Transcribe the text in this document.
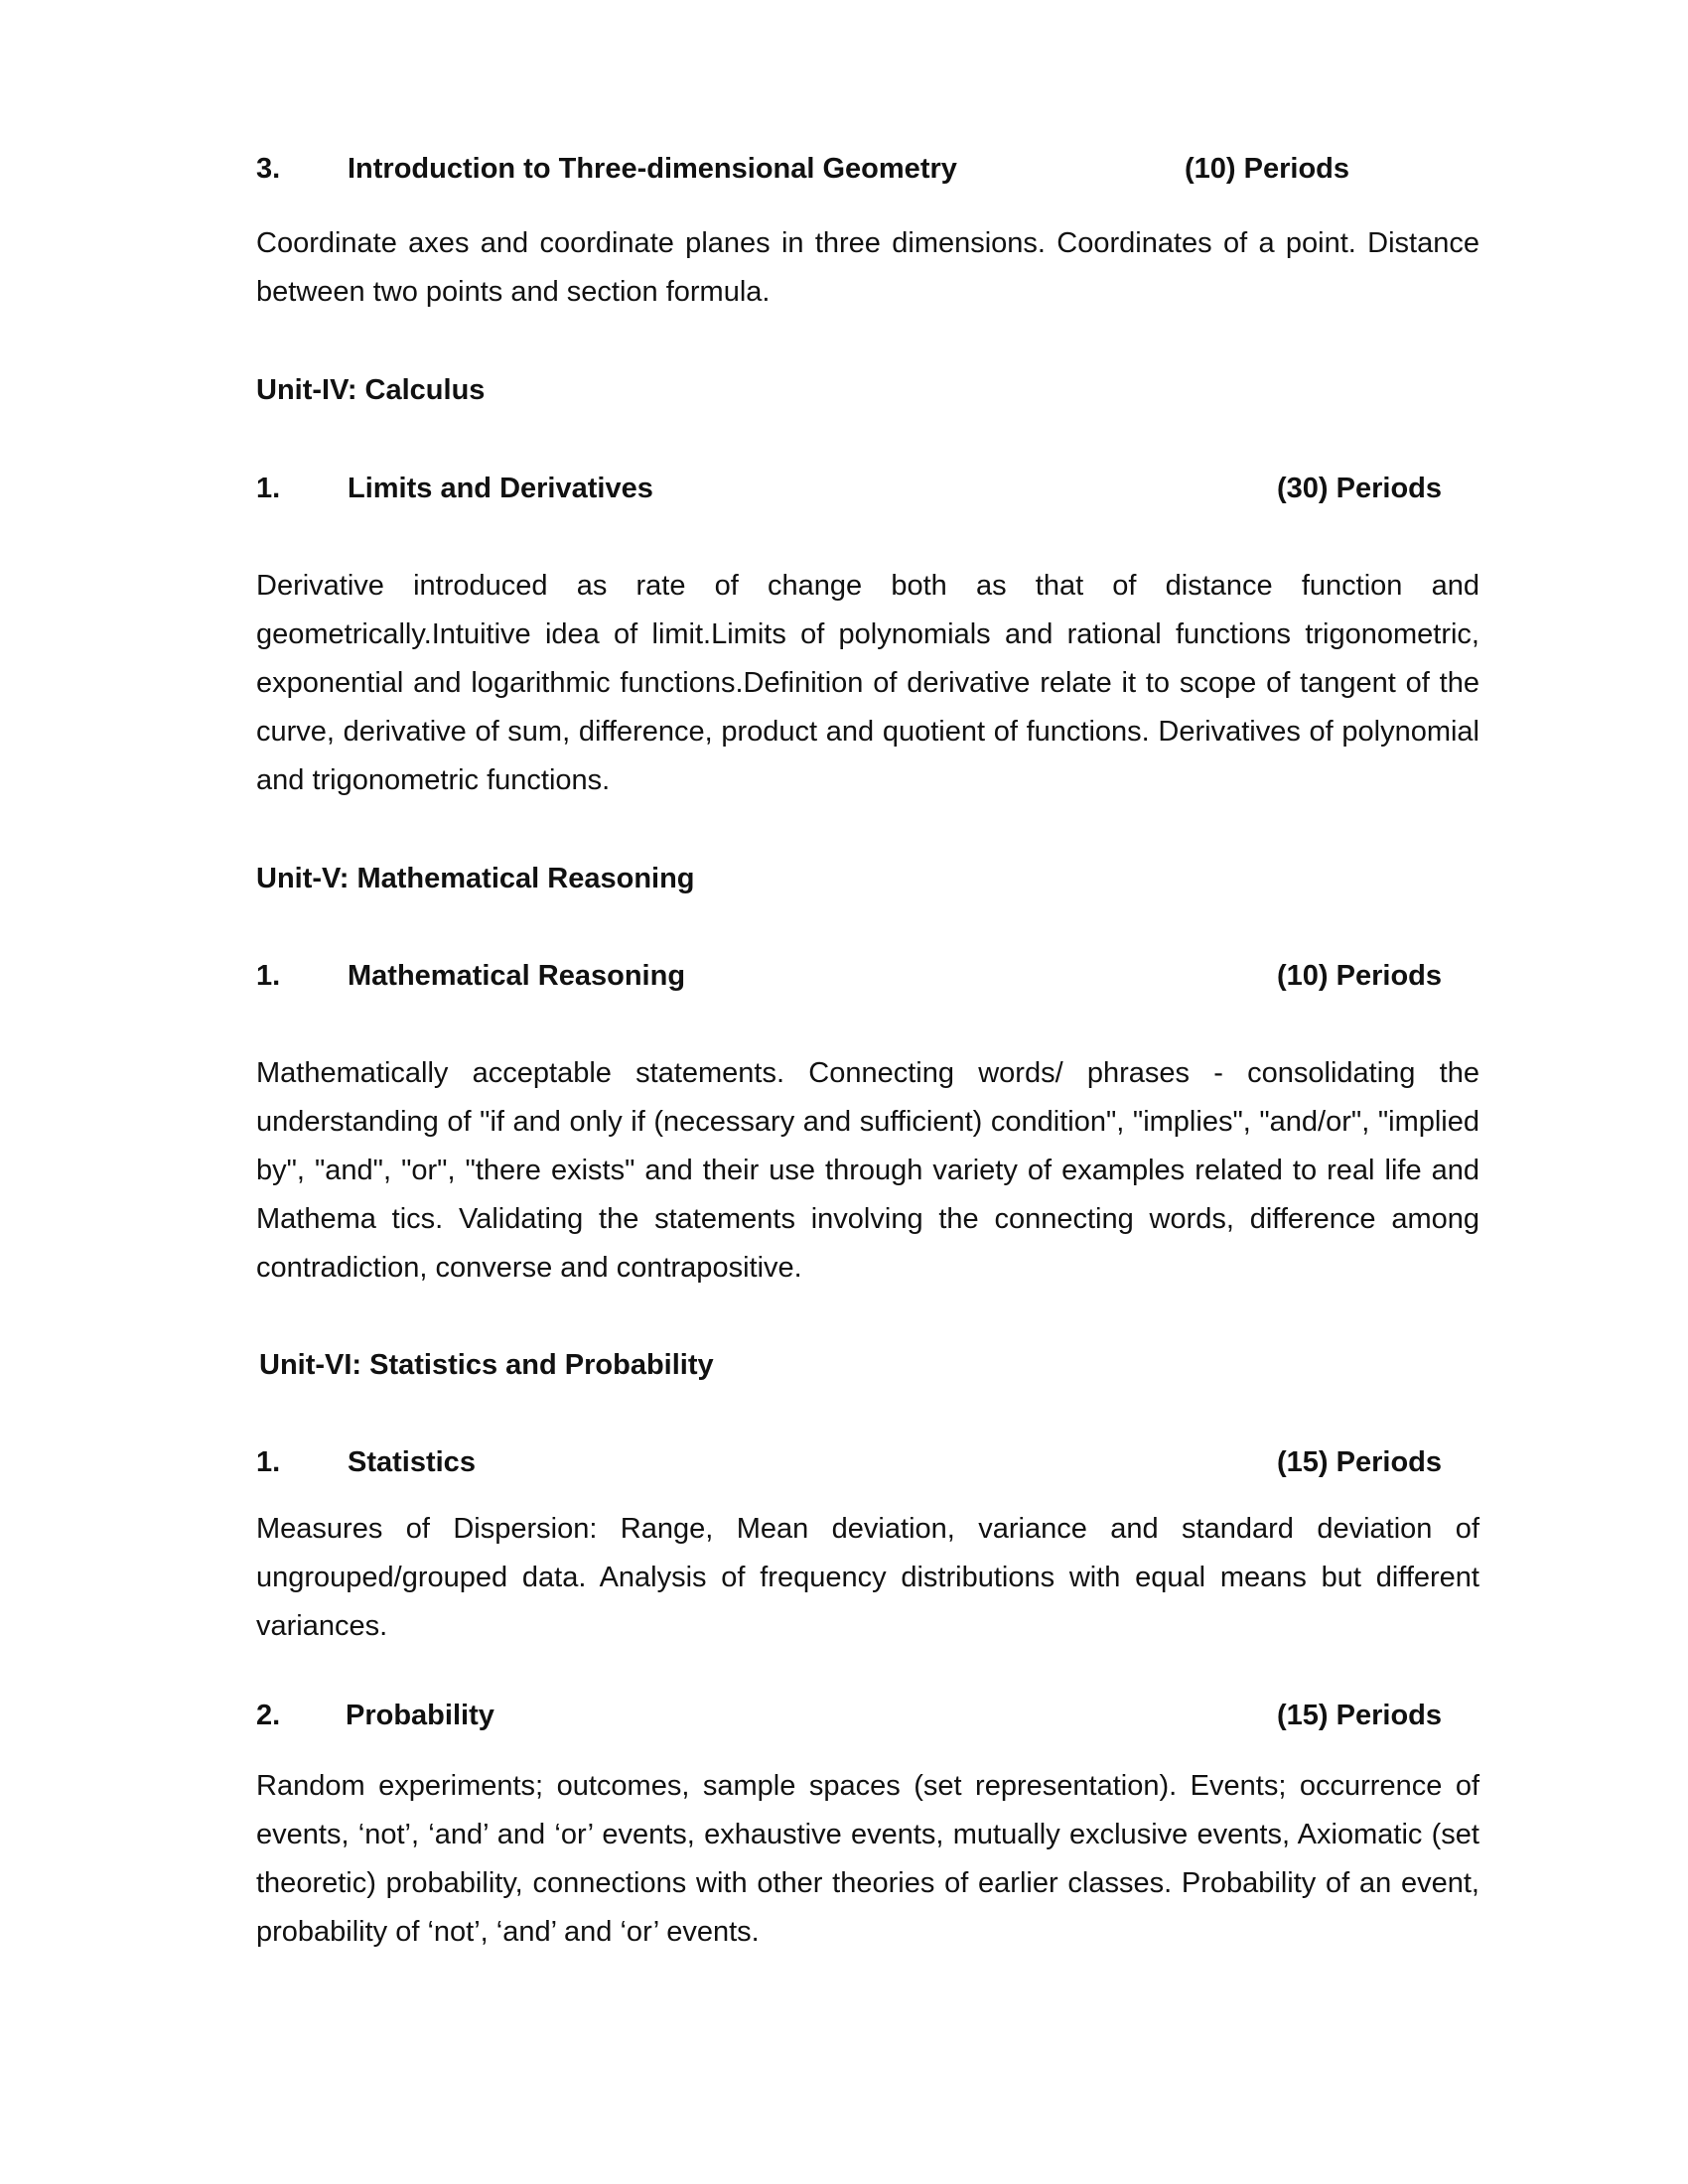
3. Introduction to Three-dimensional Geometry	(10) Periods
Coordinate axes and coordinate planes in three dimensions. Coordinates of a point. Distance between two points and section formula.
Unit-IV: Calculus
1. Limits and Derivatives	(30) Periods
Derivative introduced as rate of change both as that of distance function and geometrically.Intuitive idea of limit.Limits of polynomials and rational functions trigonometric, exponential and logarithmic functions.Definition of derivative relate it to scope of tangent of the curve, derivative of sum, difference, product and quotient of functions. Derivatives of polynomial and trigonometric functions.
Unit-V: Mathematical Reasoning
1. Mathematical Reasoning	(10) Periods
Mathematically acceptable statements. Connecting words/ phrases - consolidating the understanding of "if and only if (necessary and sufficient) condition", "implies", "and/or", "implied by", "and", "or", "there exists" and their use through variety of examples related to real life and Mathema tics. Validating the statements involving the connecting words, difference among contradiction, converse and contrapositive.
Unit-VI: Statistics and Probability
1. Statistics	(15) Periods
Measures of Dispersion: Range, Mean deviation, variance and standard deviation of ungrouped/grouped data. Analysis of frequency distributions with equal means but different variances.
2. Probability	(15) Periods
Random experiments; outcomes, sample spaces (set representation). Events; occurrence of events, ‘not’, ‘and’ and ‘or’ events, exhaustive events, mutually exclusive events, Axiomatic (set theoretic) probability, connections with other theories of earlier classes. Probability of an event, probability of ‘not’, ‘and’ and ‘or’ events.
